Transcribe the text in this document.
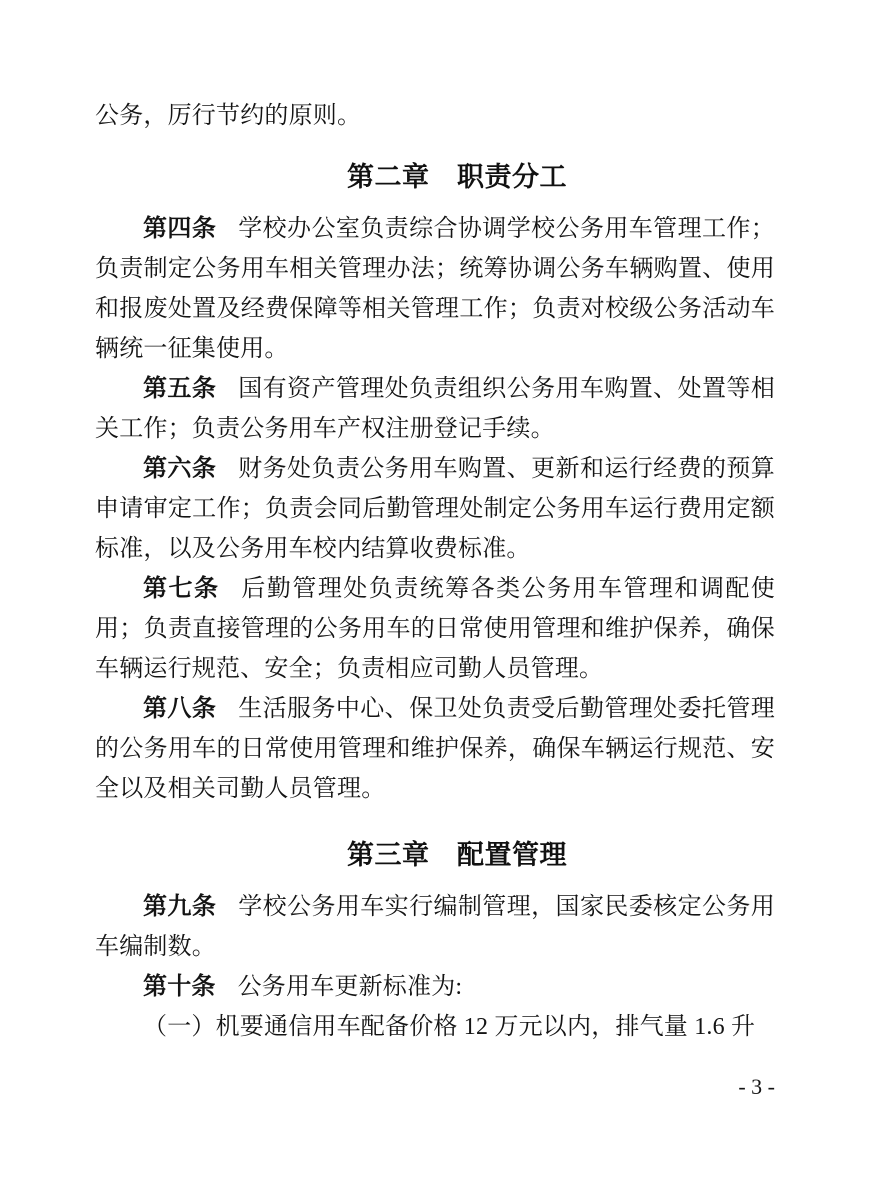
公务，厉行节约的原则。

第二章　职责分工

第四条 学校办公室负责综合协调学校公务用车管理工作；负责制定公务用车相关管理办法；统筹协调公务车辆购置、使用和报废处置及经费保障等相关管理工作；负责对校级公务活动车辆统一征集使用。

第五条 国有资产管理处负责组织公务用车购置、处置等相关工作；负责公务用车产权注册登记手续。

第六条 财务处负责公务用车购置、更新和运行经费的预算申请审定工作；负责会同后勤管理处制定公务用车运行费用定额标准，以及公务用车校内结算收费标准。

第七条 后勤管理处负责统筹各类公务用车管理和调配使用；负责直接管理的公务用车的日常使用管理和维护保养，确保车辆运行规范、安全；负责相应司勤人员管理。

第八条 生活服务中心、保卫处负责受后勤管理处委托管理的公务用车的日常使用管理和维护保养，确保车辆运行规范、安全以及相关司勤人员管理。

第三章　配置管理

第九条 学校公务用车实行编制管理，国家民委核定公务用车编制数。

第十条 公务用车更新标准为:

（一）机要通信用车配备价格 12 万元以内，排气量 1.6 升

- 3 -
